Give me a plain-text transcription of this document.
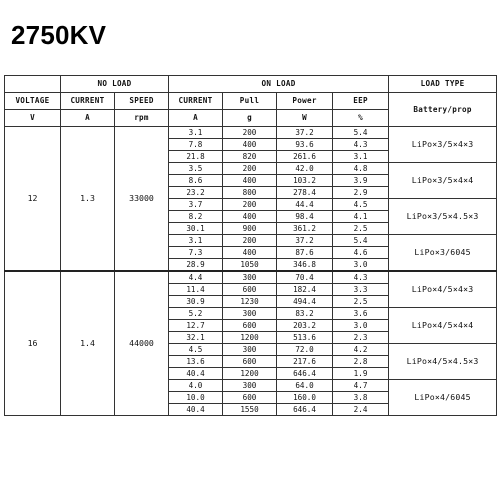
2750KV
	NO LOAD		ON LOAD				LOAD TYPE
VOLTAGE	CURRENT	SPEED	CURRENT	Pull	Power	EEP	Battery/prop
V	A	rpm	A	g	W	%	
12	1.3	33000	3.1	200	37.2	5.4	LiPo×3/5×4×3
			7.8	400	93.6	4.3	
			21.8	820	261.6	3.1	
			3.5	200	42.0	4.8	LiPo×3/5×4×4
			8.6	400	103.2	3.9	
			23.2	800	278.4	2.9	
			3.7	200	44.4	4.5	LiPo×3/5×4.5×3
			8.2	400	98.4	4.1	
			30.1	900	361.2	2.5	
			3.1	200	37.2	5.4	LiPo×3/6045
			7.3	400	87.6	4.6	
			28.9	1050	346.8	3.0	
16	1.4	44000	4.4	300	70.4	4.3	LiPo×4/5×4×3
			11.4	600	182.4	3.3	
			30.9	1230	494.4	2.5	
			5.2	300	83.2	3.6	LiPo×4/5×4×4
			12.7	600	203.2	3.0	
			32.1	1200	513.6	2.3	
			4.5	300	72.0	4.2	LiPo×4/5×4.5×3
			13.6	600	217.6	2.8	
			40.4	1200	646.4	1.9	
			4.0	300	64.0	4.7	LiPo×4/6045
			10.0	600	160.0	3.8	
			40.4	1550	646.4	2.4	
